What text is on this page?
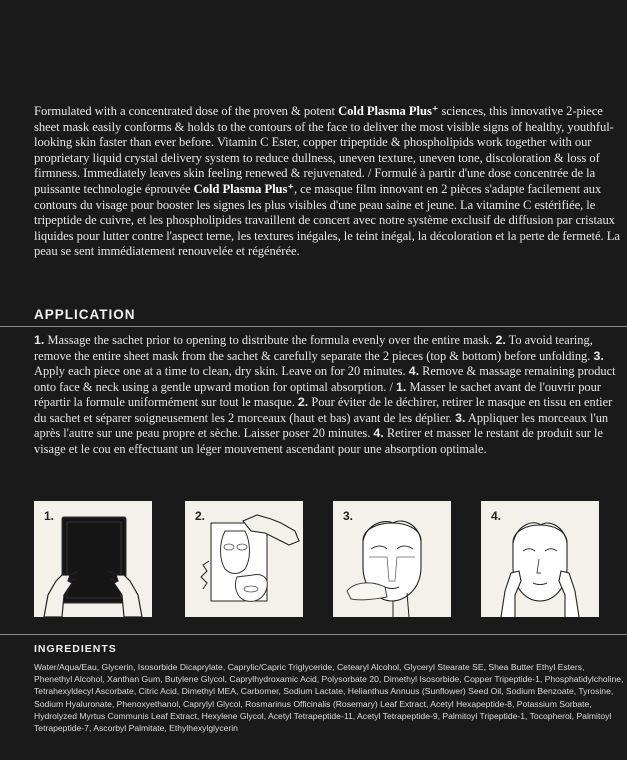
Formulated with a concentrated dose of the proven & potent Cold Plasma Plus⁺ sciences, this innovative 2-piece sheet mask easily conforms & holds to the contours of the face to deliver the most visible signs of healthy, youthful-looking skin faster than ever before. Vitamin C Ester, copper tripeptide & phospholipids work together with our proprietary liquid crystal delivery system to reduce dullness, uneven texture, uneven tone, discoloration & loss of firmness. Immediately leaves skin feeling renewed & rejuvenated. / Formulé à partir d'une dose concentrée de la puissante technologie éprouvée Cold Plasma Plus⁺, ce masque film innovant en 2 pièces s'adapte facilement aux contours du visage pour booster les signes les plus visibles d'une peau saine et jeune. La vitamine C estérifiée, le tripeptide de cuivre, et les phospholipides travaillent de concert avec notre système exclusif de diffusion par cristaux liquides pour lutter contre l'aspect terne, les textures inégales, le teint inégal, la décoloration et la perte de fermeté. La peau se sent immédiatement renouvelée et régénérée.
APPLICATION
1. Massage the sachet prior to opening to distribute the formula evenly over the entire mask. 2. To avoid tearing, remove the entire sheet mask from the sachet & carefully separate the 2 pieces (top & bottom) before unfolding. 3. Apply each piece one at a time to clean, dry skin. Leave on for 20 minutes. 4. Remove & massage remaining product onto face & neck using a gentle upward motion for optimal absorption. / 1. Masser le sachet avant de l'ouvrir pour répartir la formule uniformément sur tout le masque. 2. Pour éviter de le déchirer, retirer le masque en tissu en entier du sachet et séparer soigneusement les 2 morceaux (haut et bas) avant de les déplier. 3. Appliquer les morceaux l'un après l'autre sur une peau propre et sèche. Laisser poser 20 minutes. 4. Retirer et masser le restant de produit sur le visage et le cou en effectuant un léger mouvement ascendant pour une absorption optimale.
1.	2.	3.	4.
INGREDIENTS
Water/Aqua/Eau, Glycerin, Isosorbide Dicaprylate, Caprylic/Capric Triglyceride, Cetearyl Alcohol, Glyceryl Stearate SE, Shea Butter Ethyl Esters, Phenethyl Alcohol, Xanthan Gum, Butylene Glycol, Caprylhydroxamic Acid, Polysorbate 20, Dimethyl Isosorbide, Copper Tripeptide-1, Phosphatidylcholine, Tetrahexyldecyl Ascorbate, Citric Acid, Dimethyl MEA, Carbomer, Sodium Lactate, Helianthus Annuus (Sunflower) Seed Oil, Sodium Benzoate, Tyrosine, Sodium Hyaluronate, Phenoxyethanol, Caprylyl Glycol, Rosmarinus Officinalis (Rosemary) Leaf Extract, Acetyl Hexapeptide-8, Potassium Sorbate, Hydrolyzed Myrtus Communis Leaf Extract, Hexylene Glycol, Acetyl Tetrapeptide-11, Acetyl Tetrapeptide-9, Palmitoyl Tripeptide-1, Tocopherol, Palmitoyl Tetrapeptide-7, Ascorbyl Palmitate, Ethylhexylglycerin
